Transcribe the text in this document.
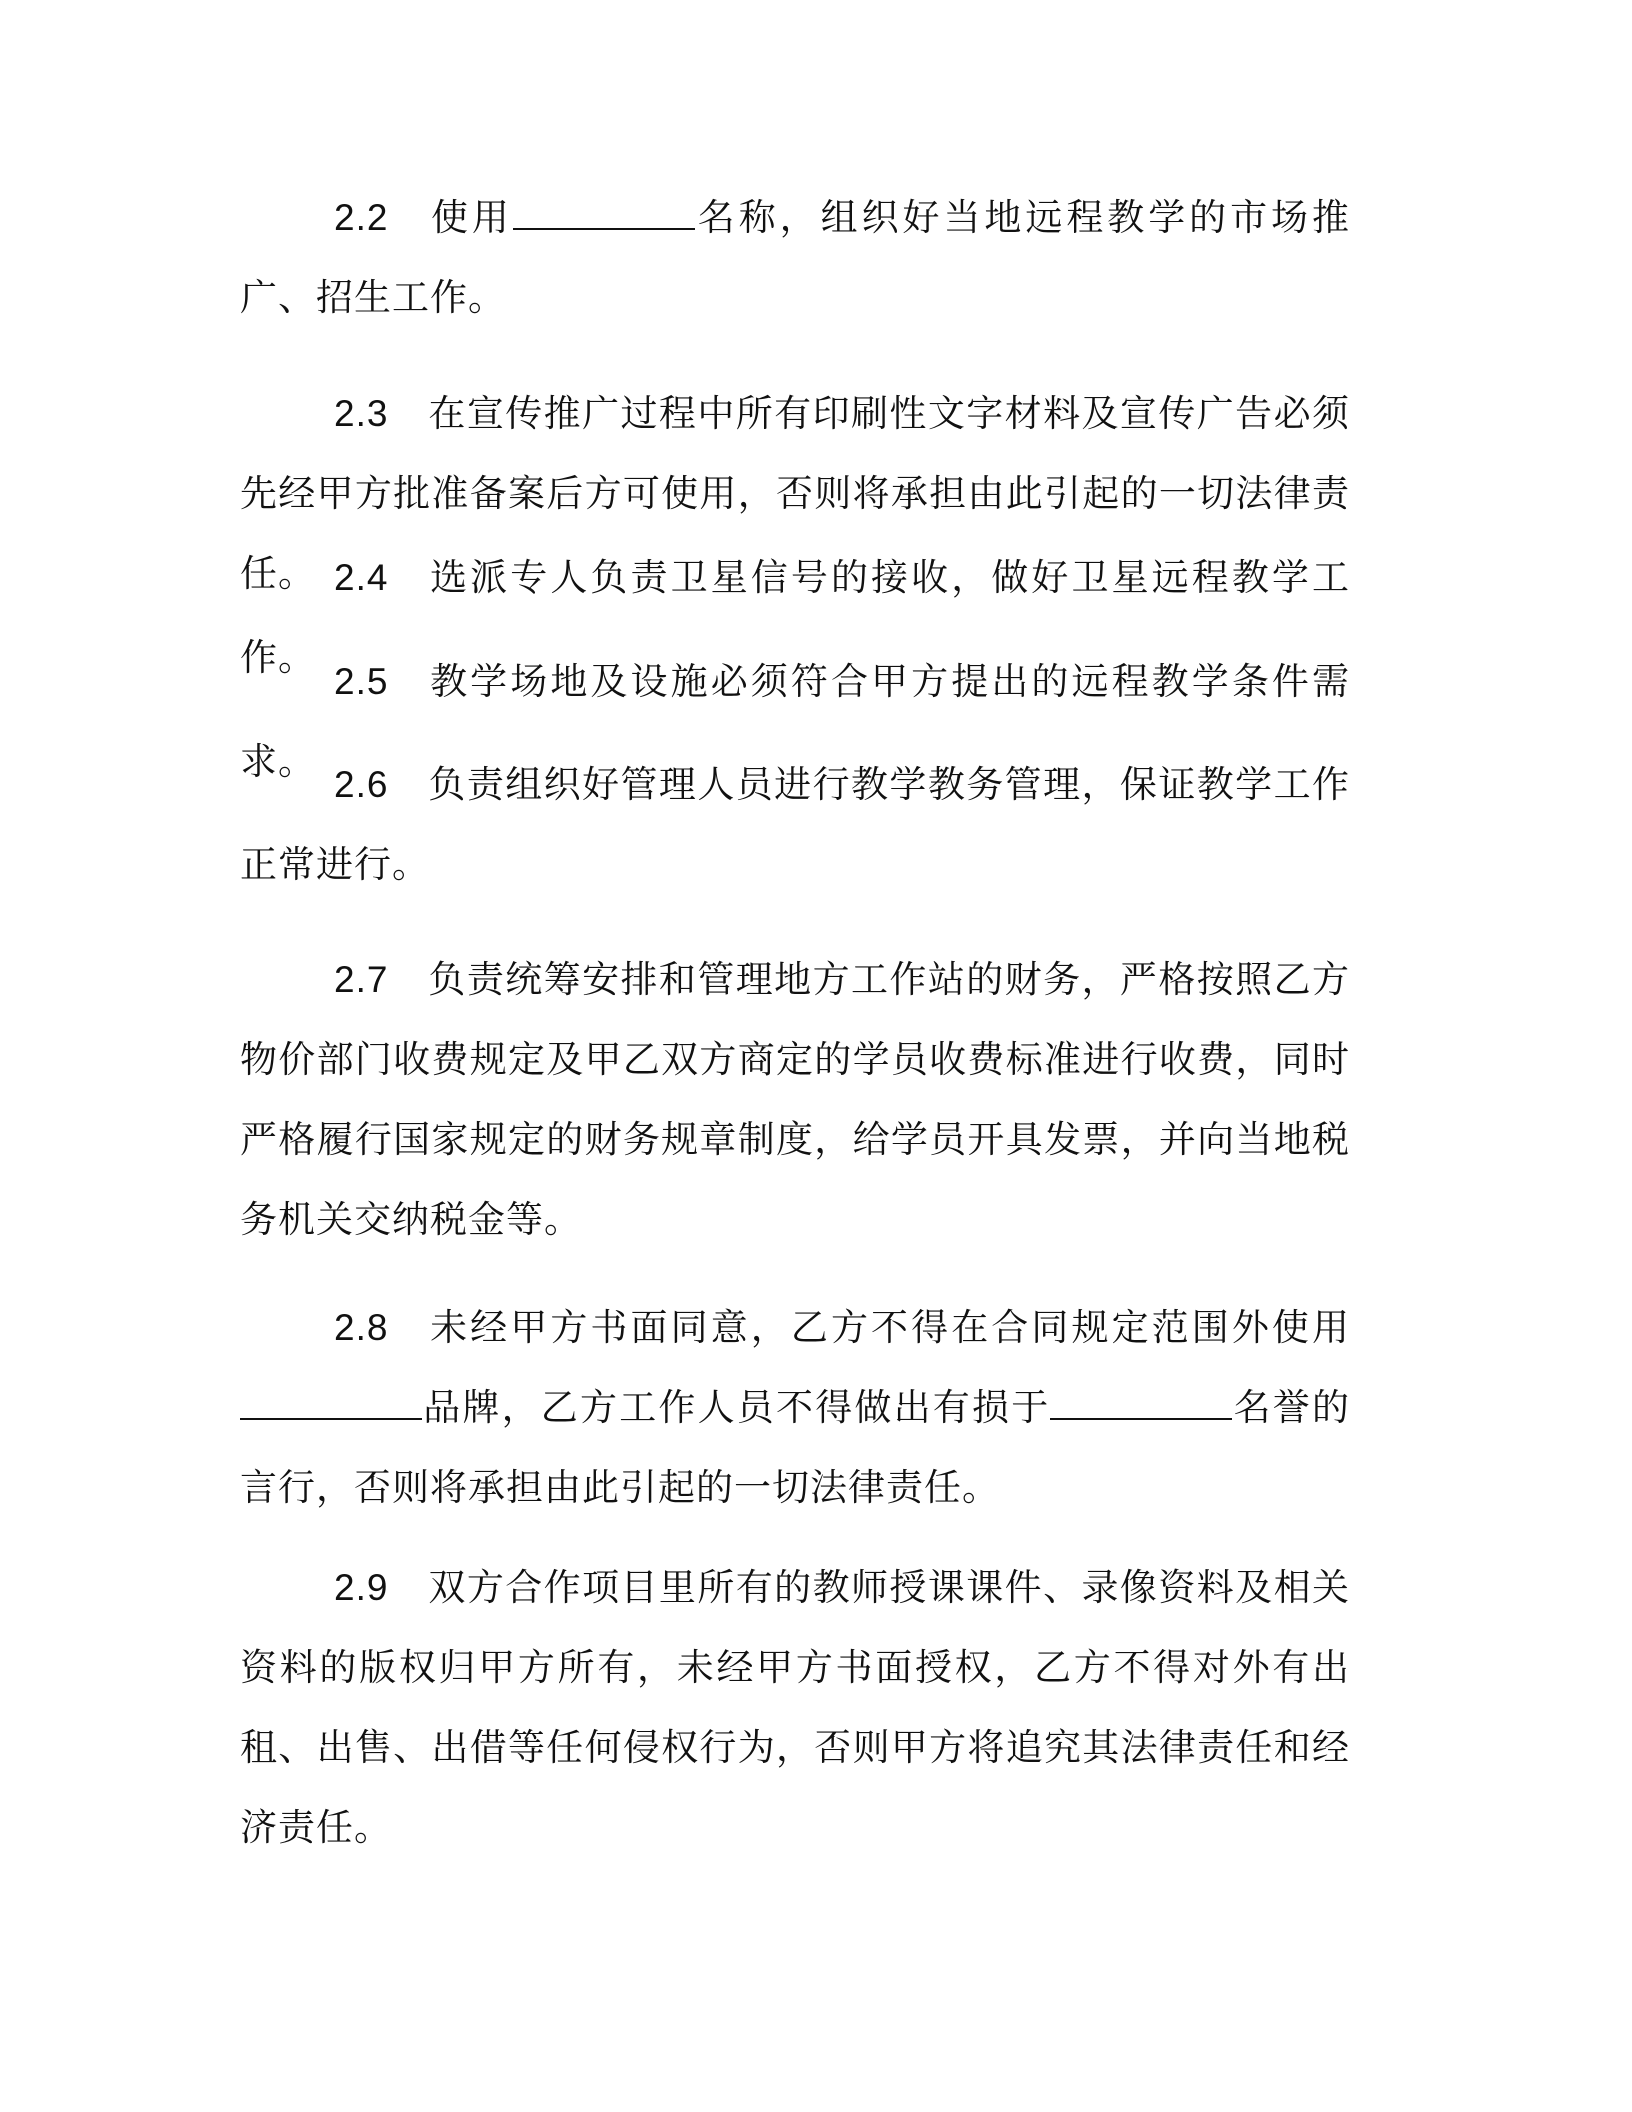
2.2 使用	名称，组织好当地远程教学的市场推广、招生工作。

2.3 在宣传推广过程中所有印刷性文字材料及宣传广告必须先经甲方批准备案后方可使用，否则将承担由此引起的一切法律责任。 2.4 选派专人负责卫星信号的接收，做好卫星远程教学工作。

2.5 教学场地及设施必须符合甲方提出的远程教学条件需求。

2.6 负责组织好管理人员进行教学教务管理，保证教学工作正常进行。

2.7 负责统筹安排和管理地方工作站的财务，严格按照乙方物价部门收费规定及甲乙双方商定的学员收费标准进行收费，同时严格履行国家规定的财务规章制度，给学员开具发票，并向当地税务机关交纳税金等。

2.8 未经甲方书面同意，乙方不得在合同规定范围外使用品牌，乙方工作人员不得做出有损于	名誉的言行，否则将承担由此引起的一切法律责任。

2.9 双方合作项目里所有的教师授课课件、录像资料及相关资料的版权归甲方所有，未经甲方书面授权，乙方不得对外有出租、出售、出借等任何侵权行为，否则甲方将追究其法律责任和经济责任。
